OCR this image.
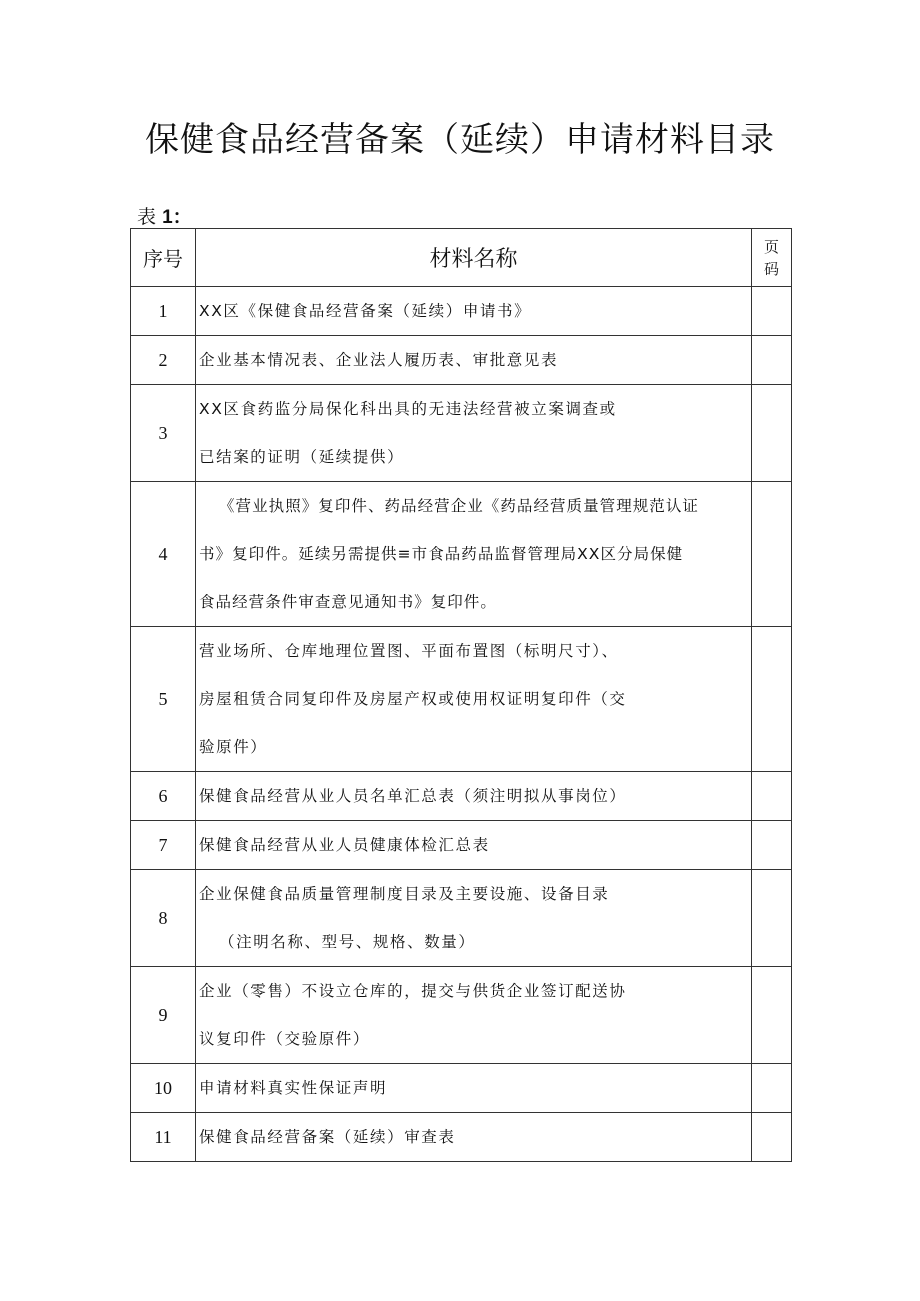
保健食品经营备案（延续）申请材料目录
表 1：
序号	材料名称	页
码

1	XX区《保健食品经营备案（延续）申请书》	

2	企业基本情况表、企业法人履历表、审批意见表	

3	XX区食药监分局保化科出具的无违法经营被立案调查或
已结案的证明（延续提供）	

4	《营业执照》复印件、药品经营企业《药品经营质量管理规范认证
书》复印件。延续另需提供≡市食品药品监督管理局XX区分局保健
食品经营条件审查意见通知书》复印件。	

5	营业场所、仓库地理位置图、平面布置图（标明尺寸）、
房屋租赁合同复印件及房屋产权或使用权证明复印件（交
验原件）	

6	保健食品经营从业人员名单汇总表（须注明拟从事岗位）	

7	保健食品经营从业人员健康体检汇总表	

8	企业保健食品质量管理制度目录及主要设施、设备目录
（注明名称、型号、规格、数量）	

9	企业（零售）不设立仓库的，提交与供货企业签订配送协
议复印件（交验原件）	

10	申请材料真实性保证声明	

11	保健食品经营备案（延续）审查表	
